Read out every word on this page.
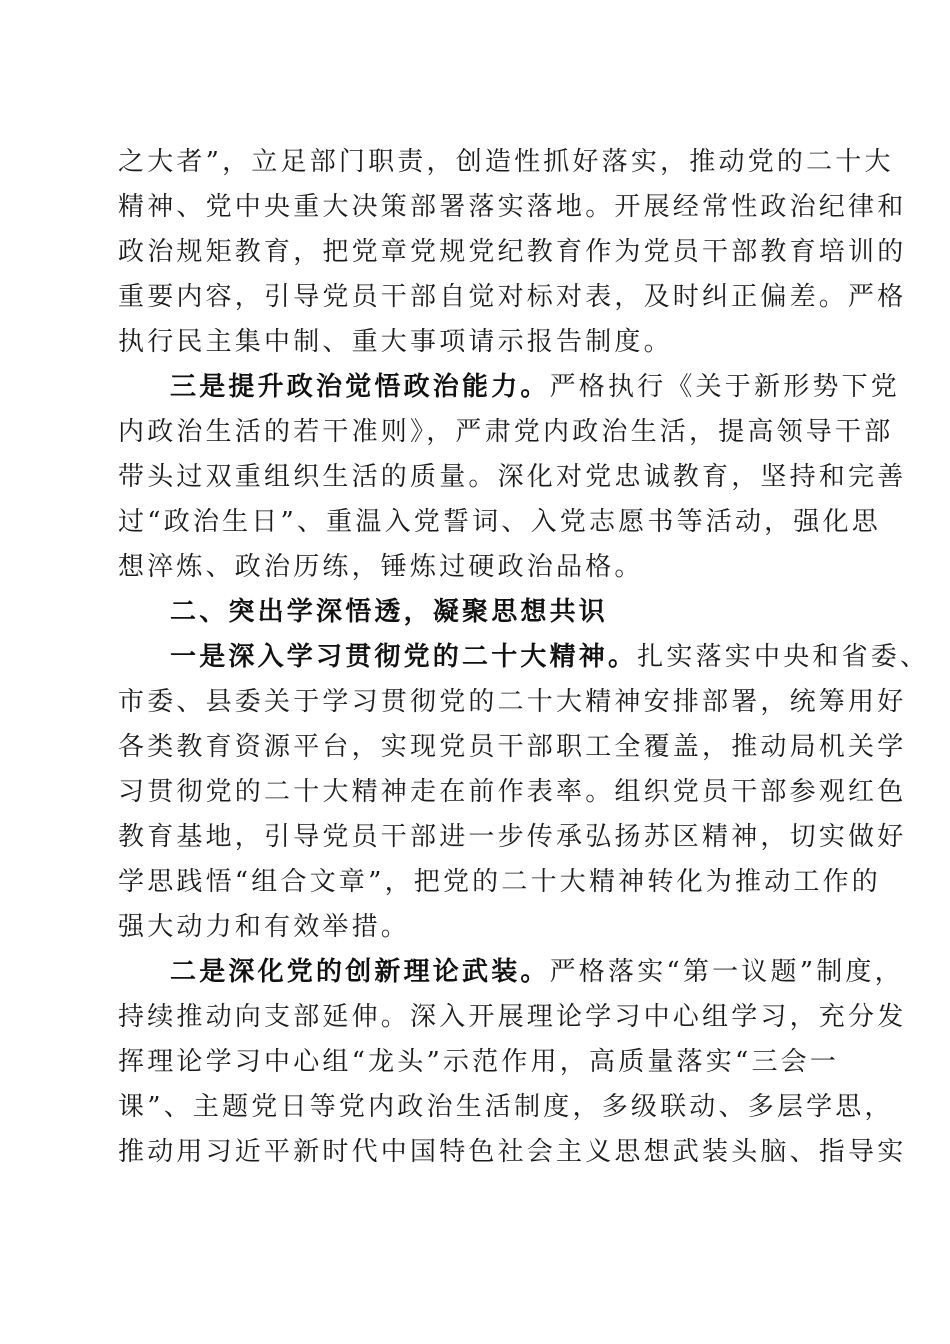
之大者”，立足部门职责，创造性抓好落实，推动党的二十大
精神、党中央重大决策部署落实落地。开展经常性政治纪律和
政治规矩教育，把党章党规党纪教育作为党员干部教育培训的
重要内容，引导党员干部自觉对标对表，及时纠正偏差。严格
执行民主集中制、重大事项请示报告制度。
三是提升政治觉悟政治能力。严格执行《关于新形势下党
内政治生活的若干准则》，严肃党内政治生活，提高领导干部
带头过双重组织生活的质量。深化对党忠诚教育，坚持和完善
过“政治生日”、重温入党誓词、入党志愿书等活动，强化思
想淬炼、政治历练，锤炼过硬政治品格。
二、突出学深悟透，凝聚思想共识
一是深入学习贯彻党的二十大精神。扎实落实中央和省委、
市委、县委关于学习贯彻党的二十大精神安排部署，统筹用好
各类教育资源平台，实现党员干部职工全覆盖，推动局机关学
习贯彻党的二十大精神走在前作表率。组织党员干部参观红色
教育基地，引导党员干部进一步传承弘扬苏区精神，切实做好
学思践悟“组合文章”，把党的二十大精神转化为推动工作的
强大动力和有效举措。
二是深化党的创新理论武装。严格落实“第一议题”制度，
持续推动向支部延伸。深入开展理论学习中心组学习，充分发
挥理论学习中心组“龙头”示范作用，高质量落实“三会一
课”、主题党日等党内政治生活制度，多级联动、多层学思，
推动用习近平新时代中国特色社会主义思想武装头脑、指导实
